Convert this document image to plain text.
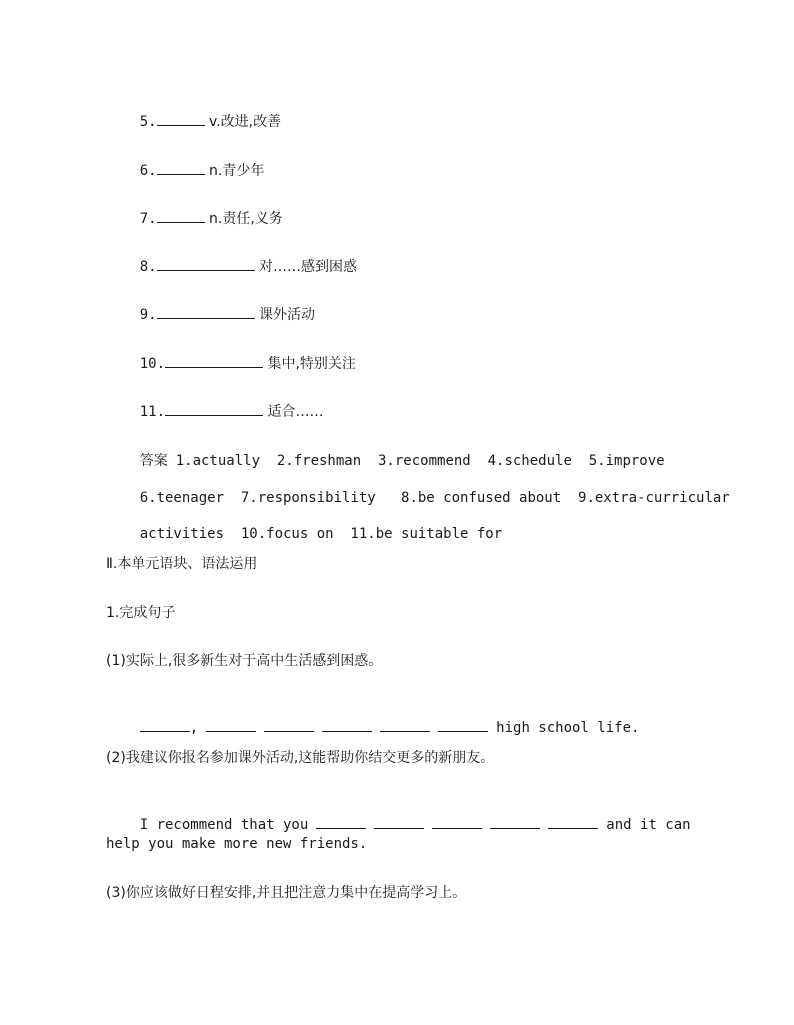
5.	v.改进,改善

6.	n.青少年

7.	n.责任,义务

8.	对……感到困惑

9.	课外活动

10.	集中,特别关注

11.	适合……

答案 1.actually  2.freshman  3.recommend  4.schedule  5.improve

6.teenager  7.responsibility   8.be confused about  9.extra-curricular

activities  10.focus on  11.be suitable for

Ⅱ.本单元语块、语法运用
1.完成句子
(1)实际上,很多新生对于高中生活感到困惑。

,	high school life.

(2)我建议你报名参加课外活动,这能帮助你结交更多的新朋友。

I recommend that you	and it can

help you make more new friends.
(3)你应该做好日程安排,并且把注意力集中在提高学习上。
